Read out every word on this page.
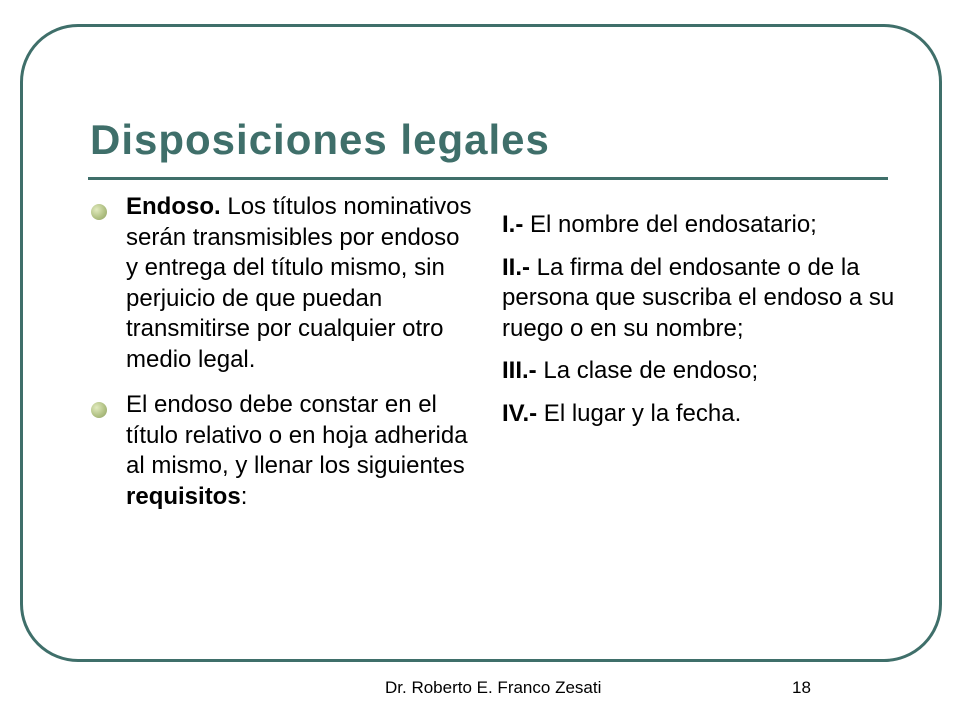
Disposiciones legales
Endoso. Los títulos nominativos serán transmisibles por endoso y entrega del título mismo, sin perjuicio de que puedan transmitirse por cualquier otro medio legal.
El endoso debe constar en el título relativo o en hoja adherida al mismo, y llenar los siguientes requisitos:
I.- El nombre del endosatario;
II.- La firma del endosante o de la persona que suscriba el endoso a su ruego o en su nombre;
III.- La clase de endoso;
IV.- El lugar y la fecha.
Dr. Roberto E. Franco Zesati	18
